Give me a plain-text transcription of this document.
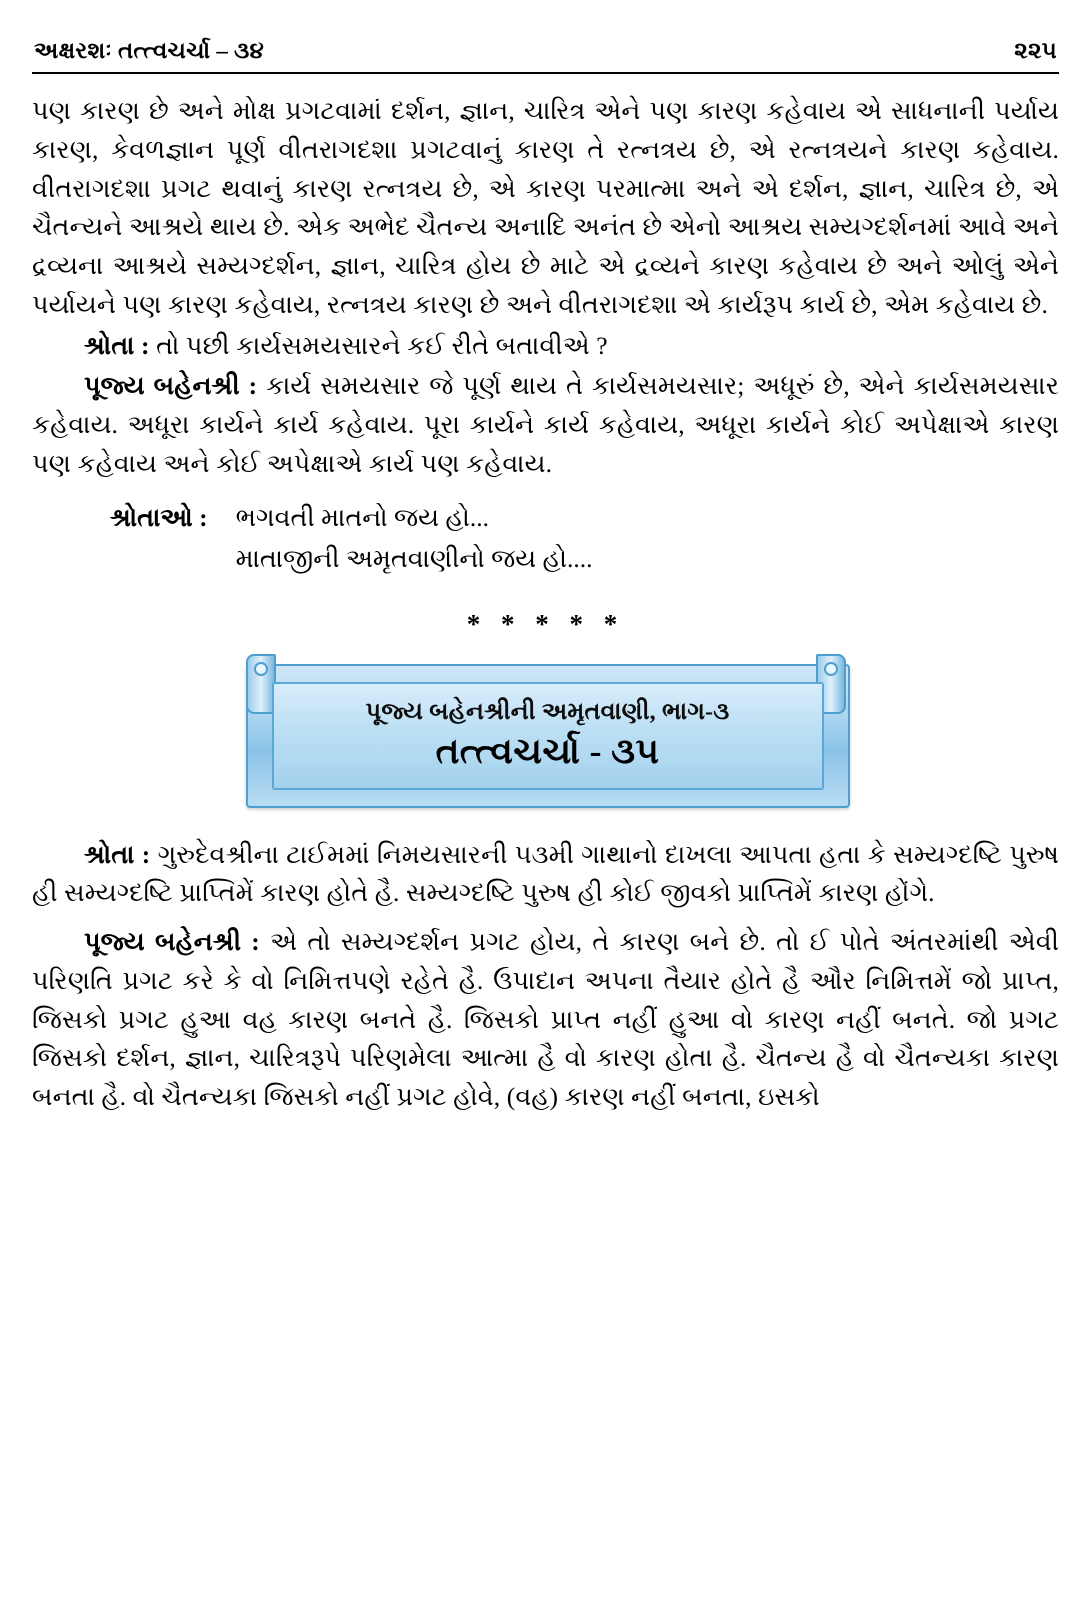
અક્ષરશઃ તત્ત્વચર્ચા – ૩૪	૨૨૫

પણ કારણ છે અને મોક્ષ પ્રગટવામાં દર્શન, જ્ઞાન, ચારિત્ર એને પણ કારણ કહેવાય એ સાધનાની પર્યાય કારણ, કેવળજ્ઞાન પૂર્ણ વીતરાગદશા પ્રગટવાનું કારણ તે રત્નત્રય છે, એ રત્નત્રયને કારણ કહેવાય. વીતરાગદશા પ્રગટ થવાનું કારણ રત્નત્રય છે, એ કારણ પરમાત્મા અને એ દર્શન, જ્ઞાન, ચારિત્ર છે, એ ચૈતન્યને આશ્રયે થાય છે. એક અભેદ ચૈતન્ય અનાદિ અનંત છે એનો આશ્રય સમ્યગ્દર્શનમાં આવે અને દ્રવ્યના આશ્રયે સમ્યગ્દર્શન, જ્ઞાન, ચારિત્ર હોય છે માટે એ દ્રવ્યને કારણ કહેવાય છે અને ઓલું એને પર્યાયને પણ કારણ કહેવાય, રત્નત્રય કારણ છે અને વીતરાગદશા એ કાર્યરૂપ કાર્ય છે, એમ કહેવાય છે.

શ્રોતા : તો પછી કાર્યસમયસારને કઈ રીતે બતાવીએ ?

પૂજ્ય બહેનશ્રી : કાર્ય સમયસાર જે પૂર્ણ થાય તે કાર્યસમયસાર; અધૂરું છે, એને કાર્યસમયસાર કહેવાય. અધૂરા કાર્યને કાર્ય કહેવાય. પૂરા કાર્યને કાર્ય કહેવાય, અધૂરા કાર્યને કોઈ અપેક્ષાએ કારણ પણ કહેવાય અને કોઈ અપેક્ષાએ કાર્ય પણ કહેવાય.

શ્રોતાઓ : ભગવતી માતનો જય હો...
માતાજીની અમૃતવાણીનો જય હો....
* * * * *
પૂજ્ય બહેનશ્રીની અમૃતવાણી, ભાગ-૩
તત્ત્વચર્ચા - ૩૫

શ્રોતા : ગુરુદેવશ્રીના ટાઈમમાં નિમયસારની ૫૩મી ગાથાનો દાખલા આપતા હતા કે સમ્યગ્દષ્ટિ પુરુષ હી સમ્યગ્દષ્ટિ પ્રાપ્તિમેં કારણ હોતે હૈ. સમ્યગ્દષ્ટિ પુરુષ હી કોઈ જીવકો પ્રાપ્તિમેં કારણ હોંગે.

પૂજ્ય બહેનશ્રી : એ તો સમ્યગ્દર્શન પ્રગટ હોય, તે કારણ બને છે. તો ઈ પોતે અંતરમાંથી એવી પરિણતિ પ્રગટ કરે કે વો નિમિત્તપણે રહેતે હૈ. ઉપાદાન અપના તૈયાર હોતે હૈ ઔર નિમિત્તમેં જો પ્રાપ્ત, જિસકો પ્રગટ હુઆ વહ કારણ બનતે હૈ. જિસકો પ્રાપ્ત નહીં હુઆ વો કારણ નહીં બનતે. જો પ્રગટ જિસકો દર્શન, જ્ઞાન, ચારિત્રરૂપે પરિણમેલા આત્મા હૈ વો કારણ હોતા હૈ. ચૈતન્ય હૈ વો ચૈતન્યકા કારણ બનતા હૈ. વો ચૈતન્યકા જિસકો નહીં પ્રગટ હોવે, (વહ) કારણ નહીં બનતા, ઇસકો
